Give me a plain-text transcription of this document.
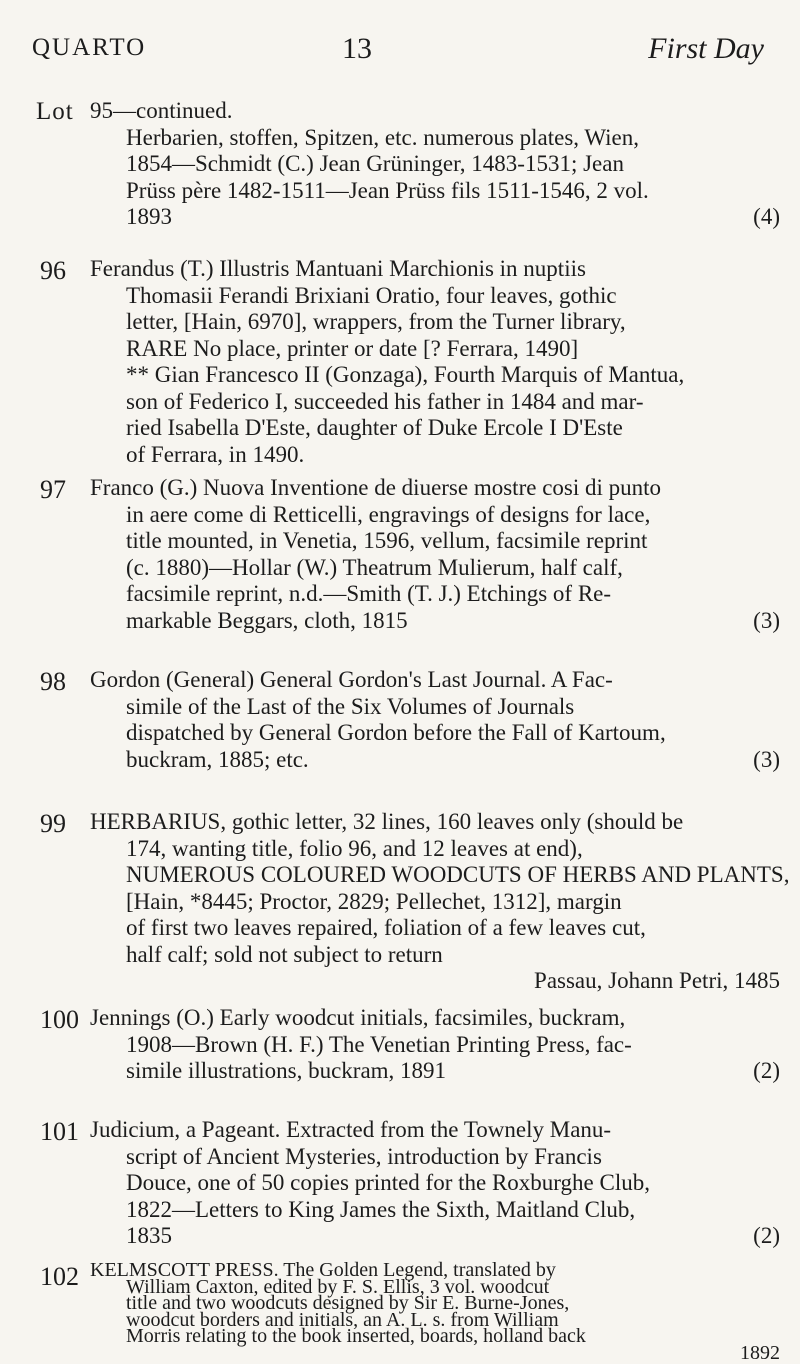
QUARTO	13	First Day
Lot 95—continued.
Herbarien, stoffen, Spitzen, etc. numerous plates, Wien,
1854—Schmidt (C.) Jean Grüninger, 1483-1531; Jean
Prüss père 1482-1511—Jean Prüss fils 1511-1546, 2 vol.
1893	(4)
96 Ferandus (T.) Illustris Mantuani Marchionis in nuptiis
Thomasii Ferandi Brixiani Oratio, four leaves, gothic
letter, [Hain, 6970], wrappers, from the Turner library,
RARE No place, printer or date [? Ferrara, 1490]
** Gian Francesco II (Gonzaga), Fourth Marquis of Mantua,
son of Federico I, succeeded his father in 1484 and mar-
ried Isabella D'Este, daughter of Duke Ercole I D'Este
of Ferrara, in 1490.
97 Franco (G.) Nuova Inventione de diuerse mostre cosi di punto
in aere come di Retticelli, engravings of designs for lace,
title mounted, in Venetia, 1596, vellum, facsimile reprint
(c. 1880)—Hollar (W.) Theatrum Mulierum, half calf,
facsimile reprint, n.d.—Smith (T. J.) Etchings of Re-
markable Beggars, cloth, 1815	(3)
98 Gordon (General) General Gordon's Last Journal. A Fac-
simile of the Last of the Six Volumes of Journals
dispatched by General Gordon before the Fall of Kartoum,
buckram, 1885; etc.	(3)
99 HERBARIUS, gothic letter, 32 lines, 160 leaves only (should be
174, wanting title, folio 96, and 12 leaves at end),
NUMEROUS COLOURED WOODCUTS OF HERBS AND PLANTS,
[Hain, *8445; Proctor, 2829; Pellechet, 1312], margin
of first two leaves repaired, foliation of a few leaves cut,
half calf; sold not subject to return
Passau, Johann Petri, 1485
100 Jennings (O.) Early woodcut initials, facsimiles, buckram,
1908—Brown (H. F.) The Venetian Printing Press, fac-
simile illustrations, buckram, 1891	(2)
101 Judicium, a Pageant. Extracted from the Townely Manu-
script of Ancient Mysteries, introduction by Francis
Douce, one of 50 copies printed for the Roxburghe Club,
1822—Letters to King James the Sixth, Maitland Club,
1835	(2)
102 KELMSCOTT PRESS. The Golden Legend, translated by
William Caxton, edited by F. S. Ellis, 3 vol. woodcut
title and two woodcuts designed by Sir E. Burne-Jones,
woodcut borders and initials, an A. L. s. from William
Morris relating to the book inserted, boards, holland back
1892
